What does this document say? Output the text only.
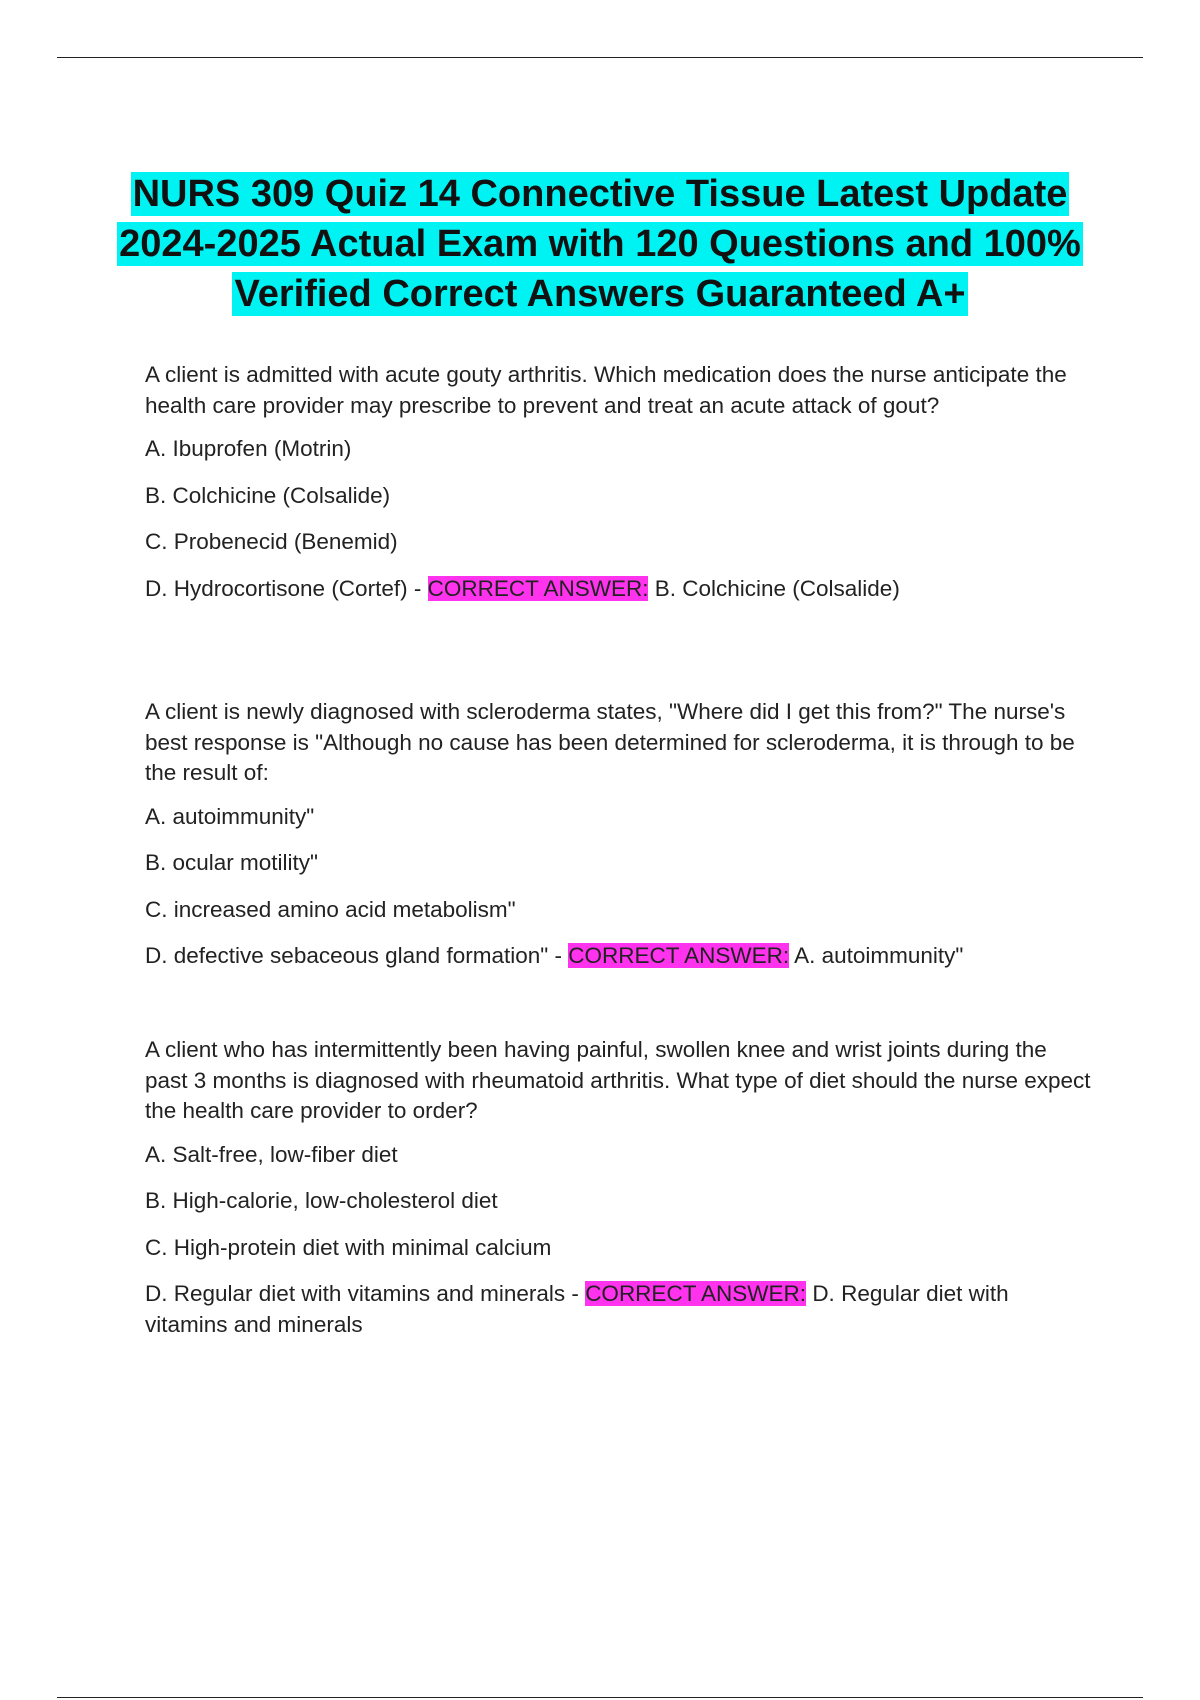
NURS 309 Quiz 14 Connective Tissue Latest Update 2024-2025 Actual Exam with 120 Questions and 100% Verified Correct Answers Guaranteed A+

A client is admitted with acute gouty arthritis. Which medication does the nurse anticipate the health care provider may prescribe to prevent and treat an acute attack of gout?

A. Ibuprofen (Motrin)

B. Colchicine (Colsalide)

C. Probenecid (Benemid)

D. Hydrocortisone (Cortef) - CORRECT ANSWER: B. Colchicine (Colsalide)

A client is newly diagnosed with scleroderma states, "Where did I get this from?" The nurse's best response is "Although no cause has been determined for scleroderma, it is through to be the result of:

A. autoimmunity"

B. ocular motility"

C. increased amino acid metabolism"

D. defective sebaceous gland formation" - CORRECT ANSWER: A. autoimmunity"

A client who has intermittently been having painful, swollen knee and wrist joints during the past 3 months is diagnosed with rheumatoid arthritis. What type of diet should the nurse expect the health care provider to order?

A. Salt-free, low-fiber diet

B. High-calorie, low-cholesterol diet

C. High-protein diet with minimal calcium

D. Regular diet with vitamins and minerals - CORRECT ANSWER: D. Regular diet with vitamins and minerals
